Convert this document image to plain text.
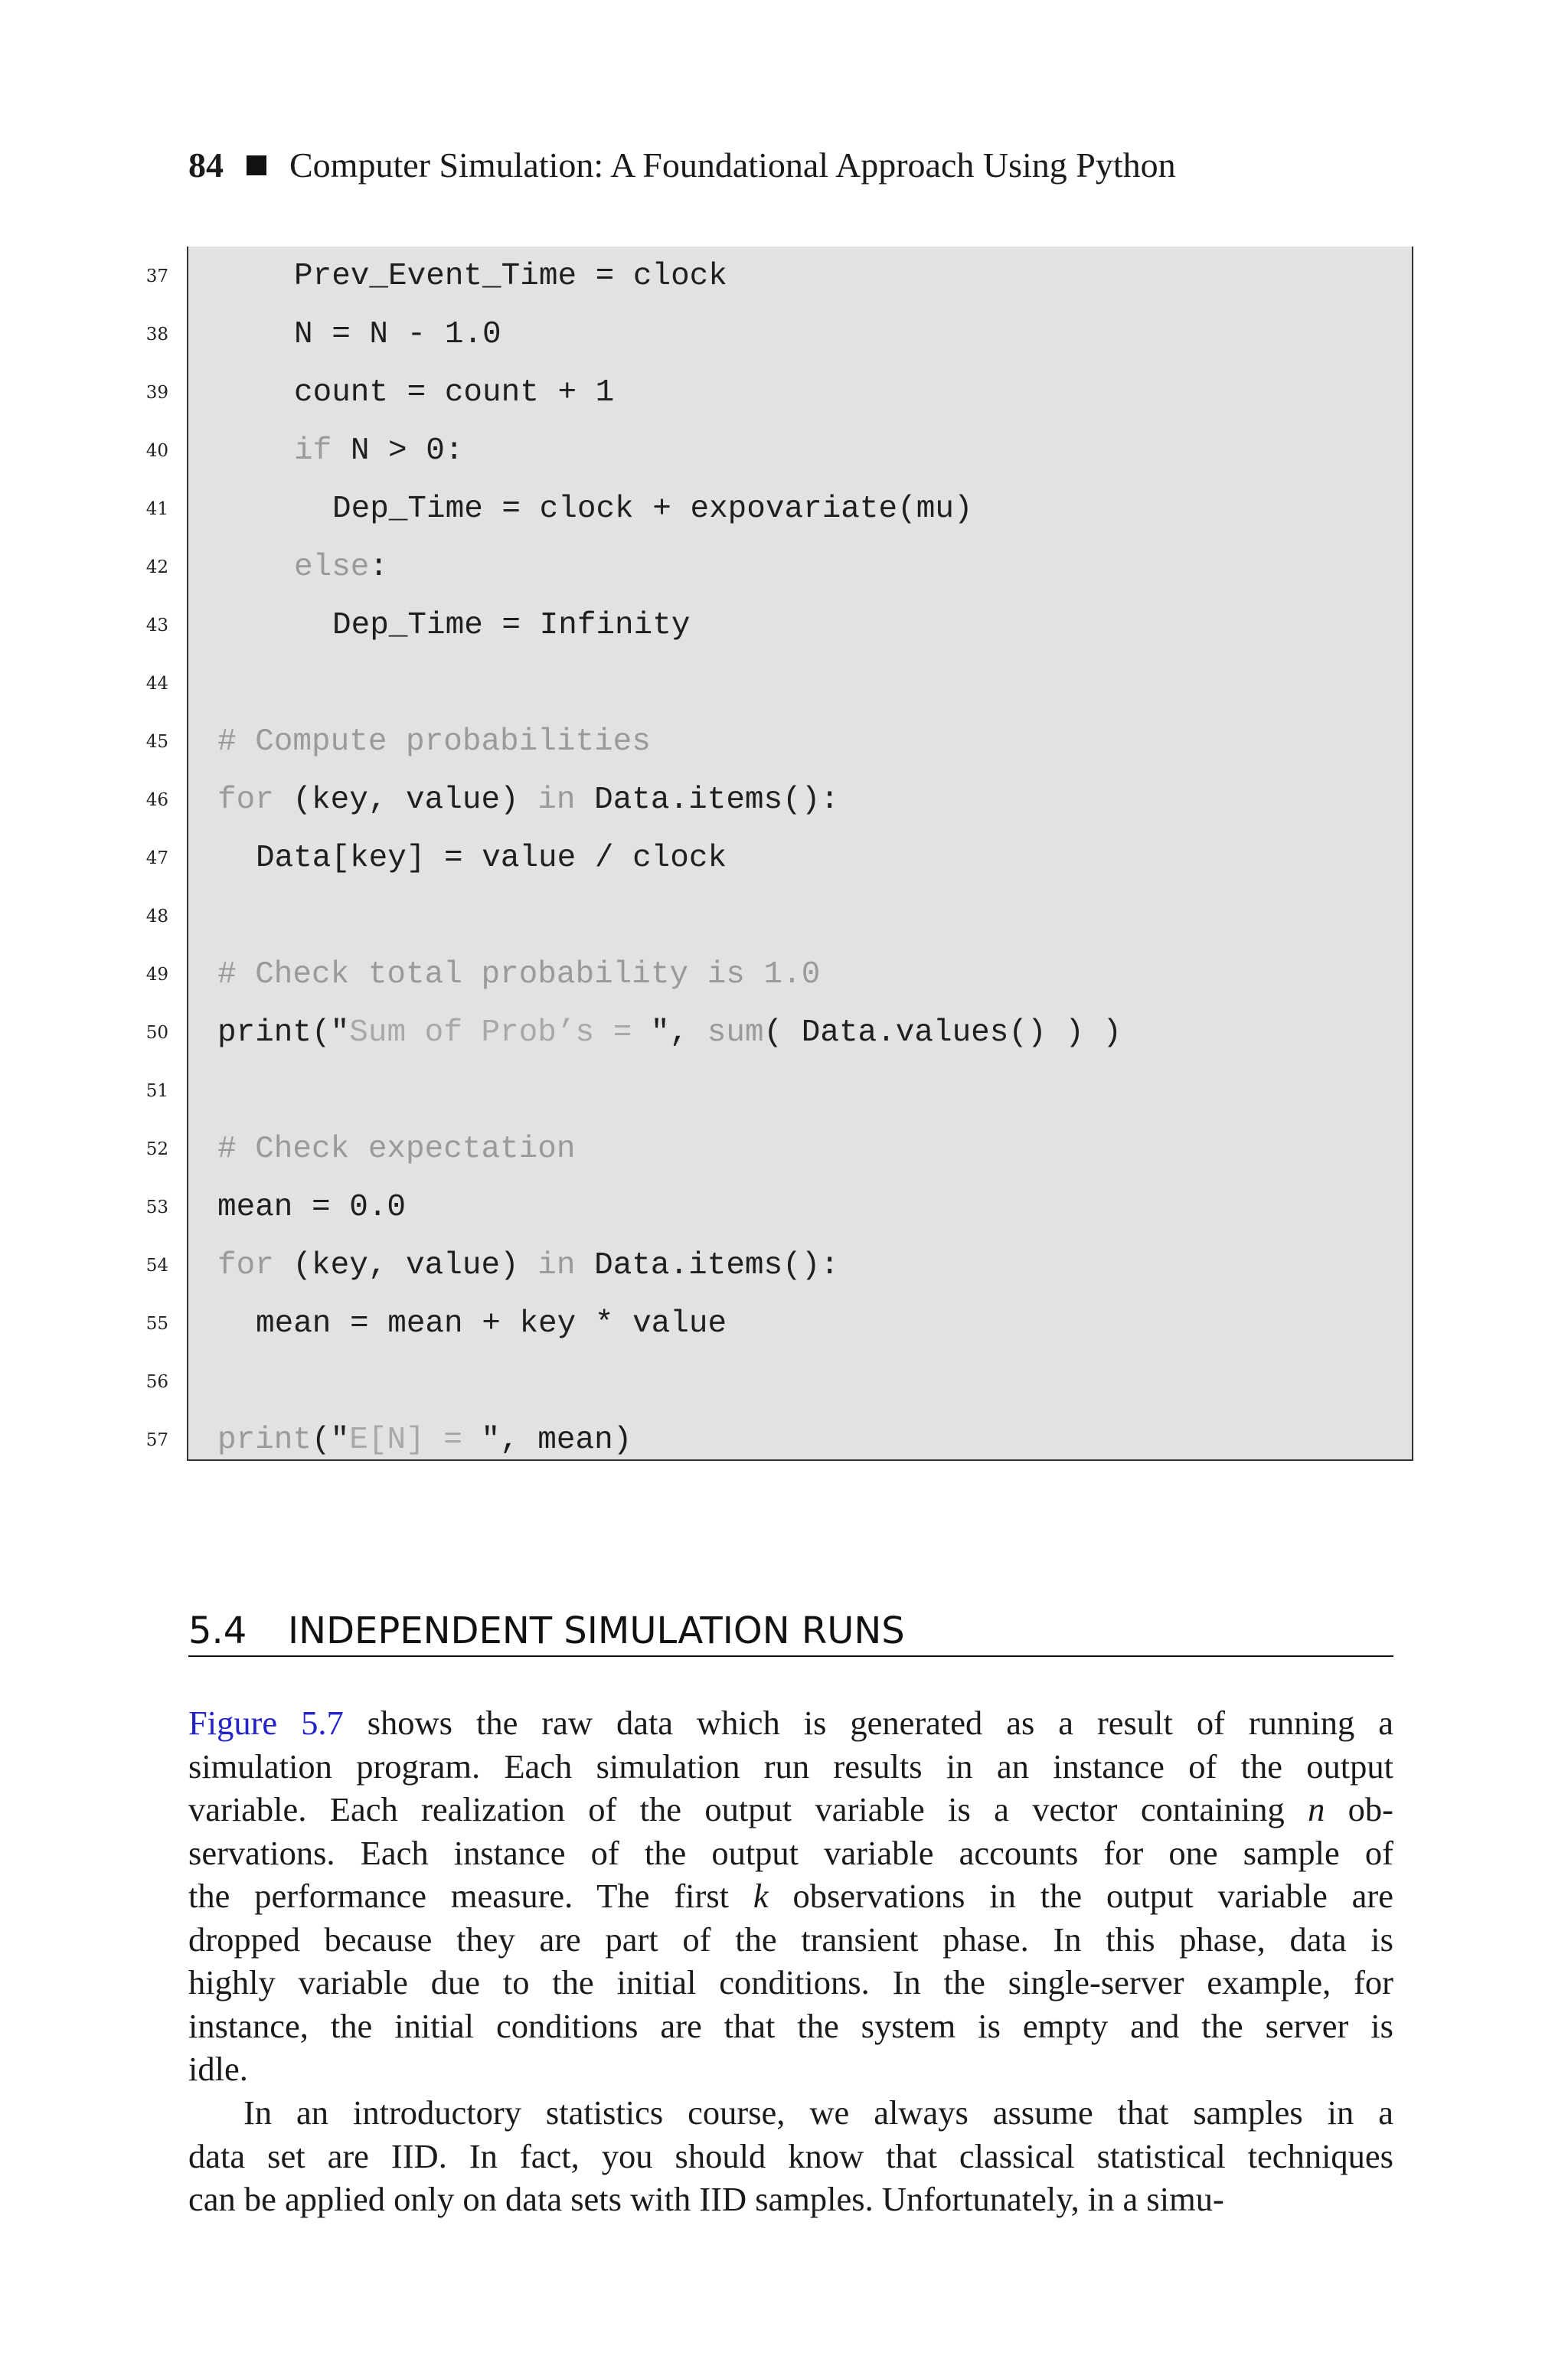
84 Computer Simulation: A Foundational Approach Using Python
37	Prev_Event_Time = clock
38	N = N - 1.0
39	count = count + 1
40	if N > 0:
41	Dep_Time = clock + expovariate(mu)
42	else:
43	Dep_Time = Infinity
44
45 # Compute probabilities
46 for (key, value) in Data.items():
47	Data[key] = value / clock
48
49 # Check total probability is 1.0
50 print("Sum of Prob’s = ", sum( Data.values() ) )
51
52 # Check expectation
53 mean = 0.0
54 for (key, value) in Data.items():
55	mean = mean + key * value
56
57 print("E[N] = ", mean)
5.4 INDEPENDENT SIMULATION RUNS
Figure 5.7 shows the raw data which is generated as a result of running a
simulation program. Each simulation run results in an instance of the output
variable. Each realization of the output variable is a vector containing n ob-
servations. Each instance of the output variable accounts for one sample of
the performance measure. The first k observations in the output variable are
dropped because they are part of the transient phase. In this phase, data is
highly variable due to the initial conditions. In the single-server example, for
instance, the initial conditions are that the system is empty and the server is
idle.
In an introductory statistics course, we always assume that samples in a
data set are IID. In fact, you should know that classical statistical techniques
can be applied only on data sets with IID samples. Unfortunately, in a simu-
